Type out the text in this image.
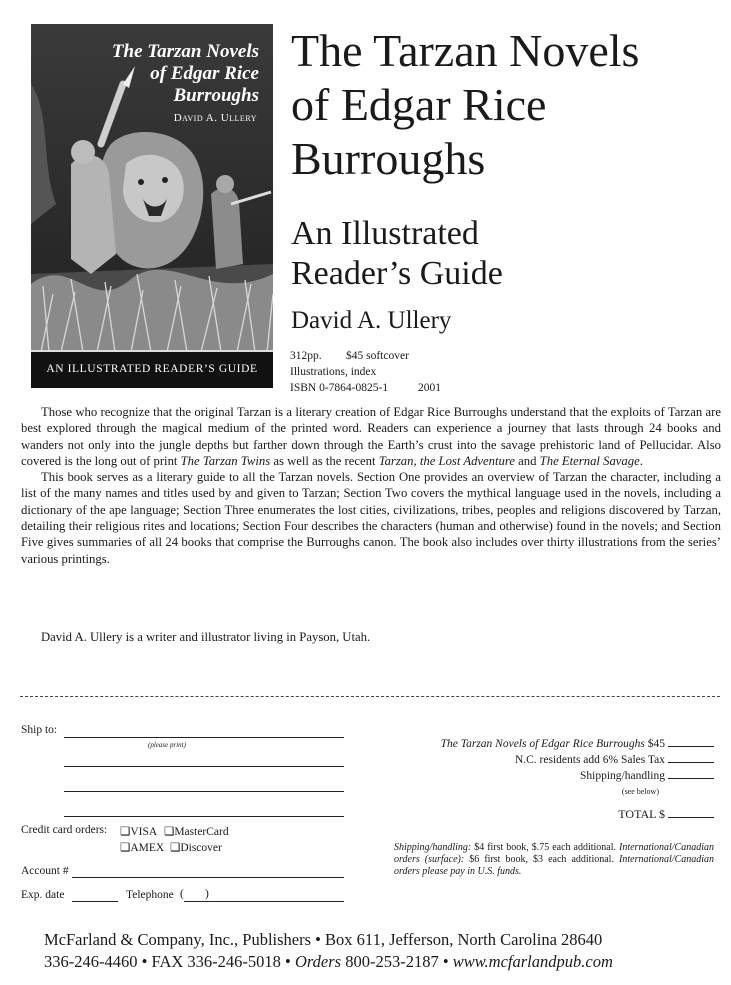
The Tarzan Novels
of Edgar Rice
Burroughs
David A. Ullery
AN ILLUSTRATED READER’S GUIDE
The Tarzan Novels
of Edgar Rice
Burroughs
An Illustrated
Reader’s Guide
David A. Ullery
312pp. $45 softcover
Illustrations, index
ISBN 0-7864-0825-1	2001

Those who recognize that the original Tarzan is a literary creation of Edgar Rice Burroughs understand that the exploits of Tarzan are best explored through the magical medium of the printed word. Readers can experience a journey that lasts through 24 books and wanders not only into the jungle depths but farther down through the Earth’s crust into the savage prehistoric land of Pellucidar. Also covered is the long out of print The Tarzan Twins as well as the recent Tarzan, the Lost Adventure and The Eternal Savage.

This book serves as a literary guide to all the Tarzan novels. Section One provides an overview of Tarzan the character, including a list of the many names and titles used by and given to Tarzan; Section Two covers the mythical language used in the novels, including a dictionary of the ape language; Section Three enumerates the lost cities, civilizations, tribes, peoples and religions discovered by Tarzan, detailing their religious rites and locations; Section Four describes the characters (human and otherwise) found in the novels; and Section Five gives summaries of all 24 books that comprise the Burroughs canon. The book also includes over thirty illustrations from the series’ various printings.

David A. Ullery is a writer and illustrator living in Payson, Utah.
Ship to:
(please print)
Credit card orders: ❑VISA ❑MasterCard
❑AMEX ❑Discover
Account #
Exp. date	Telephone ( )
The Tarzan Novels of Edgar Rice Burroughs $45
N.C. residents add 6% Sales Tax
Shipping/handling
(see below)
TOTAL $
Shipping/handling: $4 first book, $.75 each additional. International/Canadian orders (surface): $6 first book, $3 each additional. International/Canadian orders please pay in U.S. funds.
McFarland & Company, Inc., Publishers • Box 611, Jefferson, North Carolina 28640
336-246-4460 • FAX 336-246-5018 • Orders 800-253-2187 • www.mcfarlandpub.com
